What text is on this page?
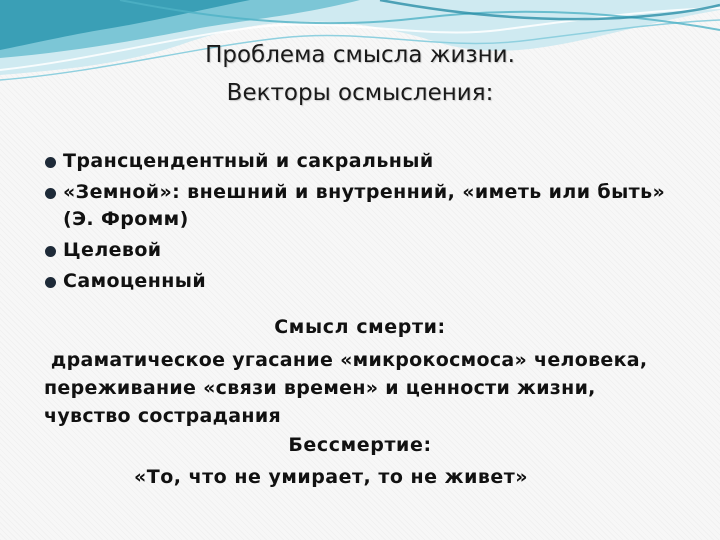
Проблема смысла жизни.
Векторы осмысления:
Трансцендентный и сакральный
«Земной»: внешний и внутренний, «иметь или быть» (Э. Фромм)
Целевой
Самоценный
Смысл смерти:
драматическое угасание «микрокосмоса» человека, переживание «связи времен» и ценности жизни, чувство сострадания
Бессмертие:
«То, что не умирает, то не живет»
